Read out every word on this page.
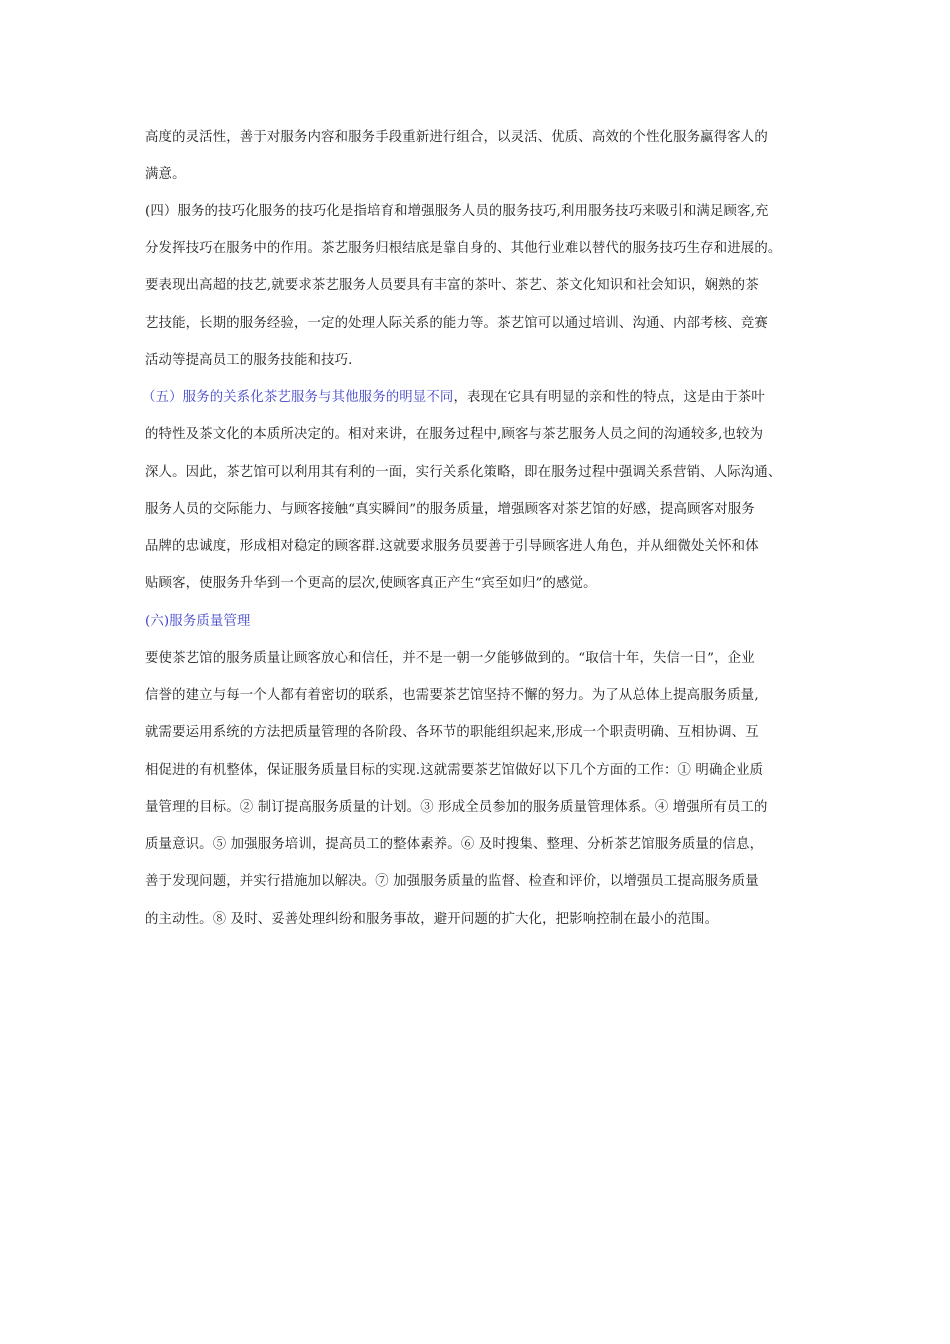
高度的灵活性，善于对服务内容和服务手段重新进行组合，以灵活、优质、高效的个性化服务赢得客人的
满意。
(四）服务的技巧化服务的技巧化是指培育和增强服务人员的服务技巧,利用服务技巧来吸引和满足顾客,充
分发挥技巧在服务中的作用。茶艺服务归根结底是靠自身的、其他行业难以替代的服务技巧生存和进展的。
要表现出高超的技艺,就要求茶艺服务人员要具有丰富的茶叶、茶艺、茶文化知识和社会知识，娴熟的茶
艺技能，长期的服务经验，一定的处理人际关系的能力等。茶艺馆可以通过培训、沟通、内部考核、竞赛
活动等提高员工的服务技能和技巧.
（五）服务的关系化茶艺服务与其他服务的明显不同，表现在它具有明显的亲和性的特点，这是由于茶叶
的特性及茶文化的本质所决定的。相对来讲，在服务过程中,顾客与茶艺服务人员之间的沟通较多,也较为
深人。因此，茶艺馆可以利用其有利的一面，实行关系化策略，即在服务过程中强调关系营销、人际沟通、
服务人员的交际能力、与顾客接触“真实瞬间”的服务质量，增强顾客对茶艺馆的好感，提高顾客对服务
品牌的忠诚度，形成相对稳定的顾客群.这就要求服务员要善于引导顾客进人角色，并从细微处关怀和体
贴顾客，使服务升华到一个更高的层次,使顾客真正产生“宾至如归”的感觉。
(六)服务质量管理
要使茶艺馆的服务质量让顾客放心和信任，并不是一朝一夕能够做到的。“取信十年，失信一日”，企业
信誉的建立与每一个人都有着密切的联系，也需要茶艺馆坚持不懈的努力。为了从总体上提高服务质量,
就需要运用系统的方法把质量管理的各阶段、各环节的职能组织起来,形成一个职责明确、互相协调、互
相促进的有机整体，保证服务质量目标的实现.这就需要茶艺馆做好以下几个方面的工作：① 明确企业质
量管理的目标。② 制订提高服务质量的计划。③ 形成全员参加的服务质量管理体系。④ 增强所有员工的
质量意识。⑤ 加强服务培训，提高员工的整体素养。⑥ 及时搜集、整理、分析茶艺馆服务质量的信息，
善于发现问题，并实行措施加以解决。⑦ 加强服务质量的监督、检查和评价，以增强员工提高服务质量
的主动性。⑧ 及时、妥善处理纠纷和服务事故，避开问题的扩大化，把影响控制在最小的范围。
